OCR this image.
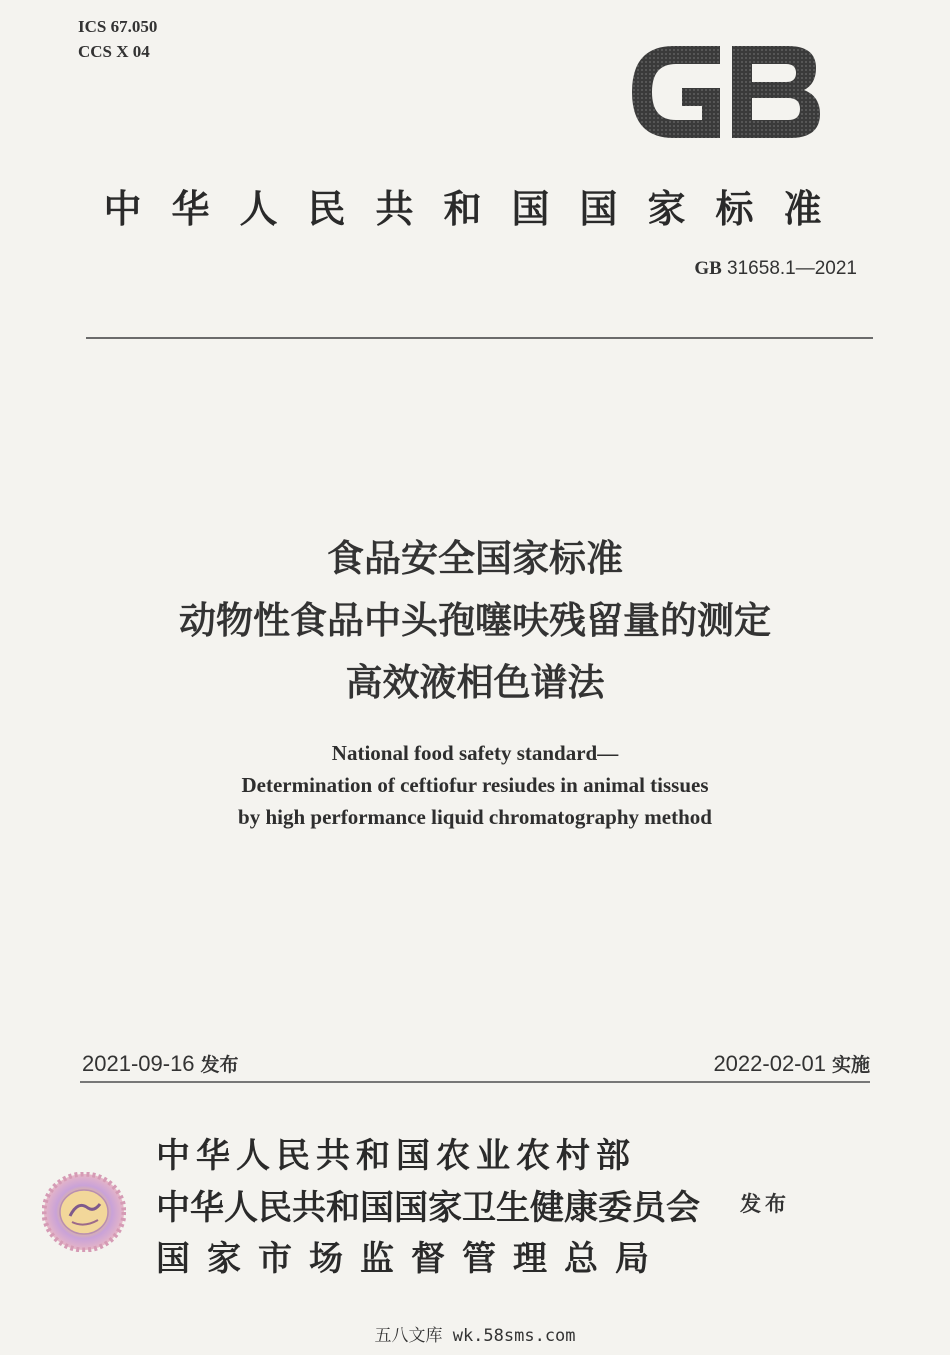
ICS 67.050
CCS X 04
中华人民共和国国家标准
GB 31658.1—2021
食品安全国家标准
动物性食品中头孢噻呋残留量的测定
高效液相色谱法
National food safety standard—
Determination of ceftiofur resiudes in animal tissues
by high performance liquid chromatography method
2021-09-16 发布	2022-02-01 实施
中华人民共和国农业农村部
中华人民共和国国家卫生健康委员会
国家市场监督管理总局
发布
五八文库 wk.58sms.com
